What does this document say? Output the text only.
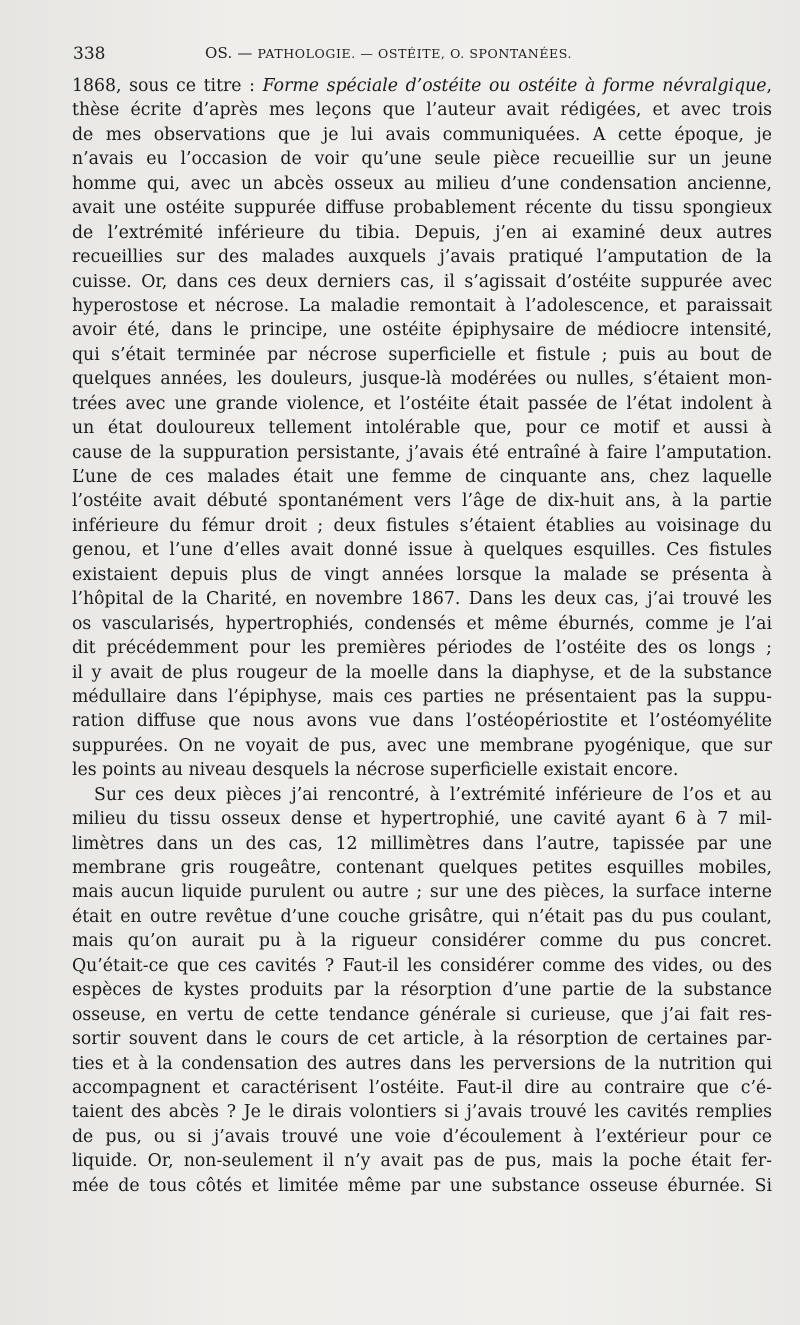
338	OS. — PATHOLOGIE. — OSTÉITE, O. SPONTANÉES.
1868, sous ce titre : Forme spéciale d’ostéite ou ostéite à forme névralgique,
thèse écrite d’après mes leçons que l’auteur avait rédigées, et avec trois
de mes observations que je lui avais communiquées. A cette époque, je
n’avais eu l’occasion de voir qu’une seule pièce recueillie sur un jeune
homme qui, avec un abcès osseux au milieu d’une condensation ancienne,
avait une ostéite suppurée diffuse probablement récente du tissu spongieux
de l’extrémité inférieure du tibia. Depuis, j’en ai examiné deux autres
recueillies sur des malades auxquels j’avais pratiqué l’amputation de la
cuisse. Or, dans ces deux derniers cas, il s’agissait d’ostéite suppurée avec
hyperostose et nécrose. La maladie remontait à l’adolescence, et paraissait
avoir été, dans le principe, une ostéite épiphysaire de médiocre intensité,
qui s’était terminée par nécrose superficielle et fistule ; puis au bout de
quelques années, les douleurs, jusque-là modérées ou nulles, s’étaient mon-
trées avec une grande violence, et l’ostéite était passée de l’état indolent à
un état douloureux tellement intolérable que, pour ce motif et aussi à
cause de la suppuration persistante, j’avais été entraîné à faire l’amputation.
L’une de ces malades était une femme de cinquante ans, chez laquelle
l’ostéite avait débuté spontanément vers l’âge de dix-huit ans, à la partie
inférieure du fémur droit ; deux fistules s’étaient établies au voisinage du
genou, et l’une d’elles avait donné issue à quelques esquilles. Ces fistules
existaient depuis plus de vingt années lorsque la malade se présenta à
l’hôpital de la Charité, en novembre 1867. Dans les deux cas, j’ai trouvé les
os vascularisés, hypertrophiés, condensés et même éburnés, comme je l’ai
dit précédemment pour les premières périodes de l’ostéite des os longs ;
il y avait de plus rougeur de la moelle dans la diaphyse, et de la substance
médullaire dans l’épiphyse, mais ces parties ne présentaient pas la suppu-
ration diffuse que nous avons vue dans l’ostéopériostite et l’ostéomyélite
suppurées. On ne voyait de pus, avec une membrane pyogénique, que sur
les points au niveau desquels la nécrose superficielle existait encore.
Sur ces deux pièces j’ai rencontré, à l’extrémité inférieure de l’os et au
milieu du tissu osseux dense et hypertrophié, une cavité ayant 6 à 7 mil-
limètres dans un des cas, 12 millimètres dans l’autre, tapissée par une
membrane gris rougeâtre, contenant quelques petites esquilles mobiles,
mais aucun liquide purulent ou autre ; sur une des pièces, la surface interne
était en outre revêtue d’une couche grisâtre, qui n’était pas du pus coulant,
mais qu’on aurait pu à la rigueur considérer comme du pus concret.
Qu’était-ce que ces cavités ? Faut-il les considérer comme des vides, ou des
espèces de kystes produits par la résorption d’une partie de la substance
osseuse, en vertu de cette tendance générale si curieuse, que j’ai fait res-
sortir souvent dans le cours de cet article, à la résorption de certaines par-
ties et à la condensation des autres dans les perversions de la nutrition qui
accompagnent et caractérisent l’ostéite. Faut-il dire au contraire que c’é-
taient des abcès ? Je le dirais volontiers si j’avais trouvé les cavités remplies
de pus, ou si j’avais trouvé une voie d’écoulement à l’extérieur pour ce
liquide. Or, non-seulement il n’y avait pas de pus, mais la poche était fer-
mée de tous côtés et limitée même par une substance osseuse éburnée. Si
